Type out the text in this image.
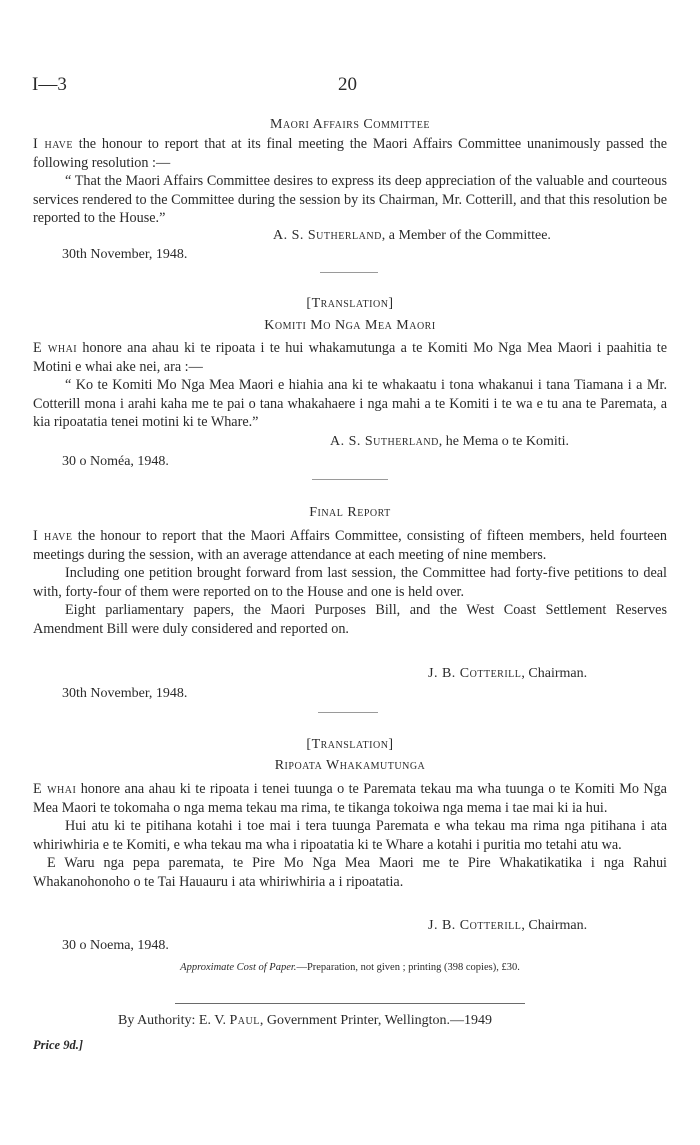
I—3	20
Maori Affairs Committee

I have the honour to report that at its final meeting the Maori Affairs Committee unanimously passed the following resolution :—

“ That the Maori Affairs Committee desires to express its deep appreciation of the valuable and courteous services rendered to the Committee during the session by its Chairman, Mr. Cotterill, and that this resolution be reported to the House.”

A. S. Sutherland, a Member of the Committee.
30th November, 1948.
[Translation]
Komiti Mo Nga Mea Maori

E whai honore ana ahau ki te ripoata i te hui whakamutunga a te Komiti Mo Nga Mea Maori i paahitia te Motini e whai ake nei, ara :—

“ Ko te Komiti Mo Nga Mea Maori e hiahia ana ki te whakaatu i tona whakanui i tana Tiamana i a Mr. Cotterill mona i arahi kaha me te pai o tana whakahaere i nga mahi a te Komiti i te wa e tu ana te Paremata, a kia ripoatatia tenei motini ki te Whare.”

A. S. Sutherland, he Mema o te Komiti.
30 o Noméa, 1948.
Final Report

I have the honour to report that the Maori Affairs Committee, consisting of fifteen members, held fourteen meetings during the session, with an average attendance at each meeting of nine members.

Including one petition brought forward from last session, the Committee had forty-five petitions to deal with, forty-four of them were reported on to the House and one is held over.

Eight parliamentary papers, the Maori Purposes Bill, and the West Coast Settlement Reserves Amendment Bill were duly considered and reported on.

J. B. Cotterill, Chairman.
30th November, 1948.
[Translation]
Ripoata Whakamutunga

E whai honore ana ahau ki te ripoata i tenei tuunga o te Paremata tekau ma wha tuunga o te Komiti Mo Nga Mea Maori te tokomaha o nga mema tekau ma rima, te tikanga tokoiwa nga mema i tae mai ki ia hui.

Hui atu ki te pitihana kotahi i toe mai i tera tuunga Paremata e wha tekau ma rima nga pitihana i ata whiriwhiria e te Komiti, e wha tekau ma wha i ripoatatia ki te Whare a kotahi i puritia mo tetahi atu wa.

E Waru nga pepa paremata, te Pire Mo Nga Mea Maori me te Pire Whakatikatika i nga Rahui Whakanohonoho o te Tai Hauauru i ata whiriwhiria a i ripoatatia.

J. B. Cotterill, Chairman.
30 o Noema, 1948.
Approximate Cost of Paper.—Preparation, not given ; printing (398 copies), £30.
By Authority: E. V. Paul, Government Printer, Wellington.—1949
Price 9d.]
